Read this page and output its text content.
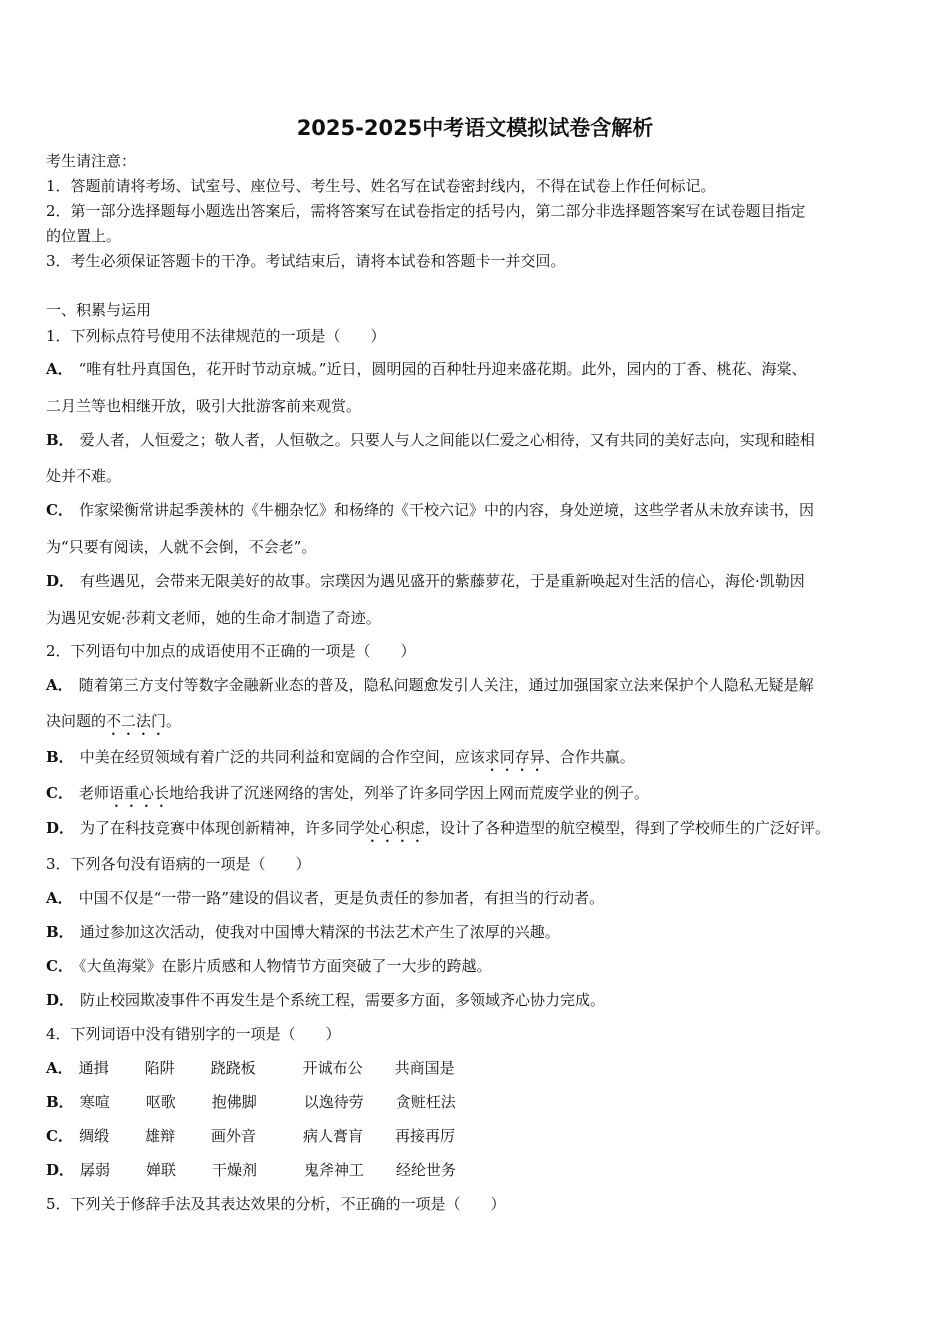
2025-2025中考语文模拟试卷含解析
考生请注意：
1．答题前请将考场、试室号、座位号、考生号、姓名写在试卷密封线内，不得在试卷上作任何标记。
2．第一部分选择题每小题选出答案后，需将答案写在试卷指定的括号内，第二部分非选择题答案写在试卷题目指定
的位置上。
3．考生必须保证答题卡的干净。考试结束后，请将本试卷和答题卡一并交回。
一、积累与运用
1．下列标点符号使用不法律规范的一项是（　　）
A． “唯有牡丹真国色，花开时节动京城。”近日，圆明园的百种牡丹迎来盛花期。此外，园内的丁香、桃花、海棠、
二月兰等也相继开放，吸引大批游客前来观赏。
B． 爱人者，人恒爱之；敬人者，人恒敬之。只要人与人之间能以仁爱之心相待，又有共同的美好志向，实现和睦相
处并不难。
C． 作家梁衡常讲起季羡林的《牛棚杂忆》和杨绛的《干校六记》中的内容，身处逆境，这些学者从未放弃读书，因
为“只要有阅读，人就不会倒，不会老”。
D． 有些遇见，会带来无限美好的故事。宗璞因为遇见盛开的紫藤萝花，于是重新唤起对生活的信心，海伦·凯勒因
为遇见安妮·莎莉文老师，她的生命才制造了奇迹。
2．下列语句中加点的成语使用不正确的一项是（　　）
A． 随着第三方支付等数字金融新业态的普及，隐私问题愈发引人关注，通过加强国家立法来保护个人隐私无疑是解
决问题的不二法门。
B． 中美在经贸领域有着广泛的共同利益和宽阔的合作空间，应该求同存异、合作共赢。
C． 老师语重心长地给我讲了沉迷网络的害处，列举了许多同学因上网而荒废学业的例子。
D． 为了在科技竞赛中体现创新精神，许多同学处心积虑，设计了各种造型的航空模型，得到了学校师生的广泛好评。
3．下列各句没有语病的一项是（　　）
A． 中国不仅是“一带一路”建设的倡议者，更是负责任的参加者，有担当的行动者。
B． 通过参加这次活动，使我对中国博大精深的书法艺术产生了浓厚的兴趣。
C． 《大鱼海棠》在影片质感和人物情节方面突破了一大步的跨越。
D． 防止校园欺凌事件不再发生是个系统工程，需要多方面，多领域齐心协力完成。
4．下列词语中没有错别字的一项是（　　）
A． 通揖 陷阱 跷跷板	开诚布公 共商国是
B． 寒喧 呕歌 抱佛脚	以逸待劳 贪赃枉法
C． 绸缎 雄辩 画外音	病人膏肓 再接再厉
D． 孱弱 婵联 干燥剂	鬼斧神工 经纶世务
5．下列关于修辞手法及其表达效果的分析，不正确的一项是（　　）
